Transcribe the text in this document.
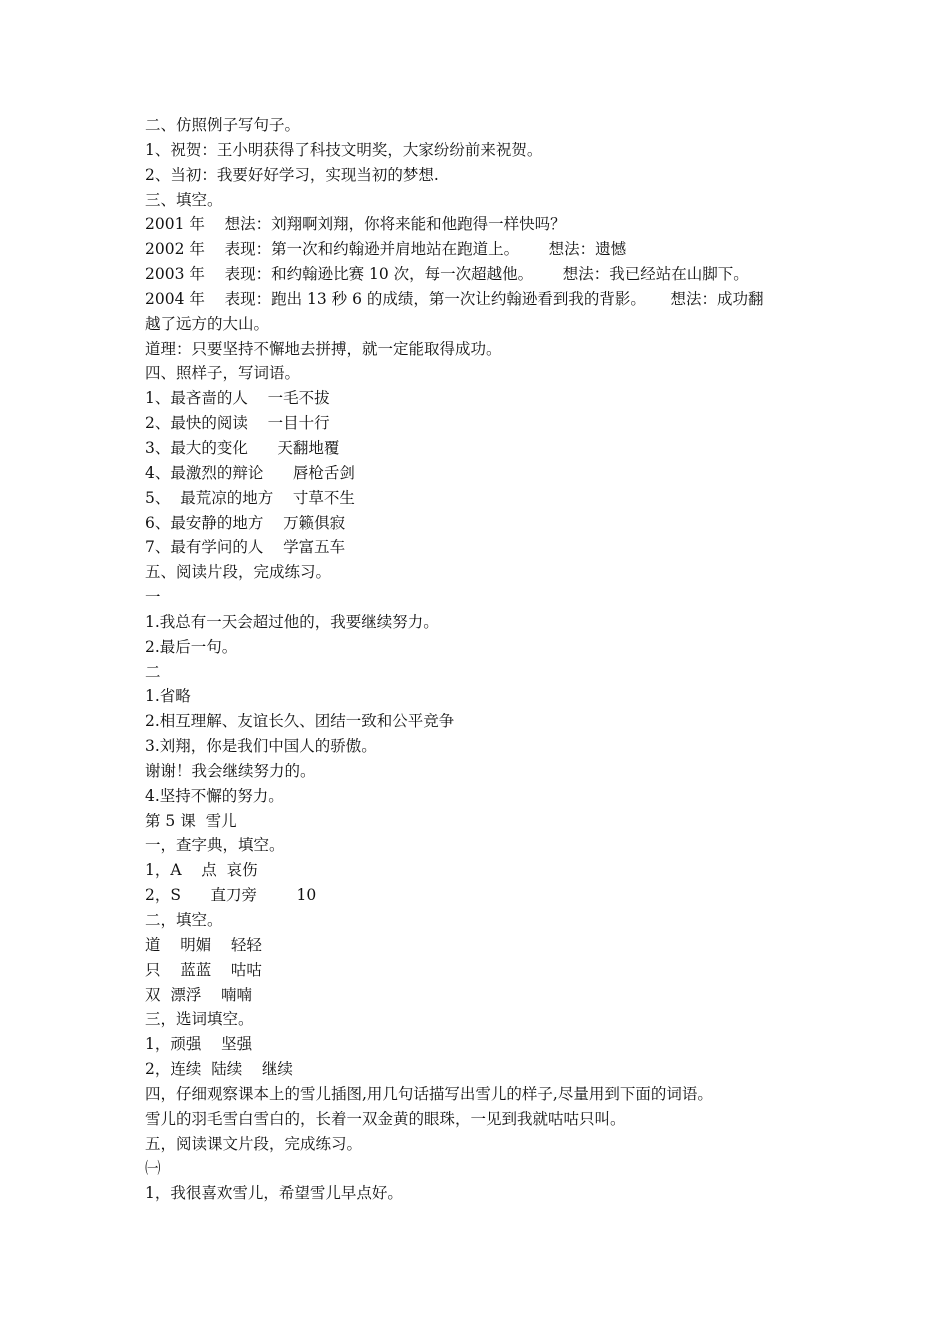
二、仿照例子写句子。
1、祝贺：王小明获得了科技文明奖，大家纷纷前来祝贺。
2、当初：我要好好学习，实现当初的梦想.
三、填空。
2001 年    想法：刘翔啊刘翔，你将来能和他跑得一样快吗？
2002 年    表现：第一次和约翰逊并肩地站在跑道上。      想法：遗憾
2003 年    表现：和约翰逊比赛 10 次，每一次超越他。      想法：我已经站在山脚下。
2004 年    表现：跑出 13 秒 6 的成绩，第一次让约翰逊看到我的背影。     想法：成功翻
越了远方的大山。
道理：只要坚持不懈地去拼搏，就一定能取得成功。
四、照样子，写词语。
1、最吝啬的人    一毛不拔
2、最快的阅读    一目十行
3、最大的变化      天翻地覆
4、最激烈的辩论      唇枪舌剑
5、  最荒凉的地方    寸草不生
6、最安静的地方    万籁俱寂
7、最有学问的人    学富五车
五、阅读片段，完成练习。
一
1.我总有一天会超过他的，我要继续努力。
2.最后一句。
二
1.省略
2.相互理解、友谊长久、团结一致和公平竞争
3.刘翔，你是我们中国人的骄傲。
谢谢！我会继续努力的。
4.坚持不懈的努力。
第 5 课  雪儿
一，查字典，填空。
1，A    点  哀伤
2，S      直刀旁        10
二，填空。
道    明媚    轻轻
只    蓝蓝    咕咕
双  漂浮    喃喃
三，选词填空。
1，顽强    坚强
2，连续  陆续    继续
四，仔细观察课本上的雪儿插图,用几句话描写出雪儿的样子,尽量用到下面的词语。
雪儿的羽毛雪白雪白的，长着一双金黄的眼珠，一见到我就咕咕只叫。
五，阅读课文片段，完成练习。
㈠
1，我很喜欢雪儿，希望雪儿早点好。
